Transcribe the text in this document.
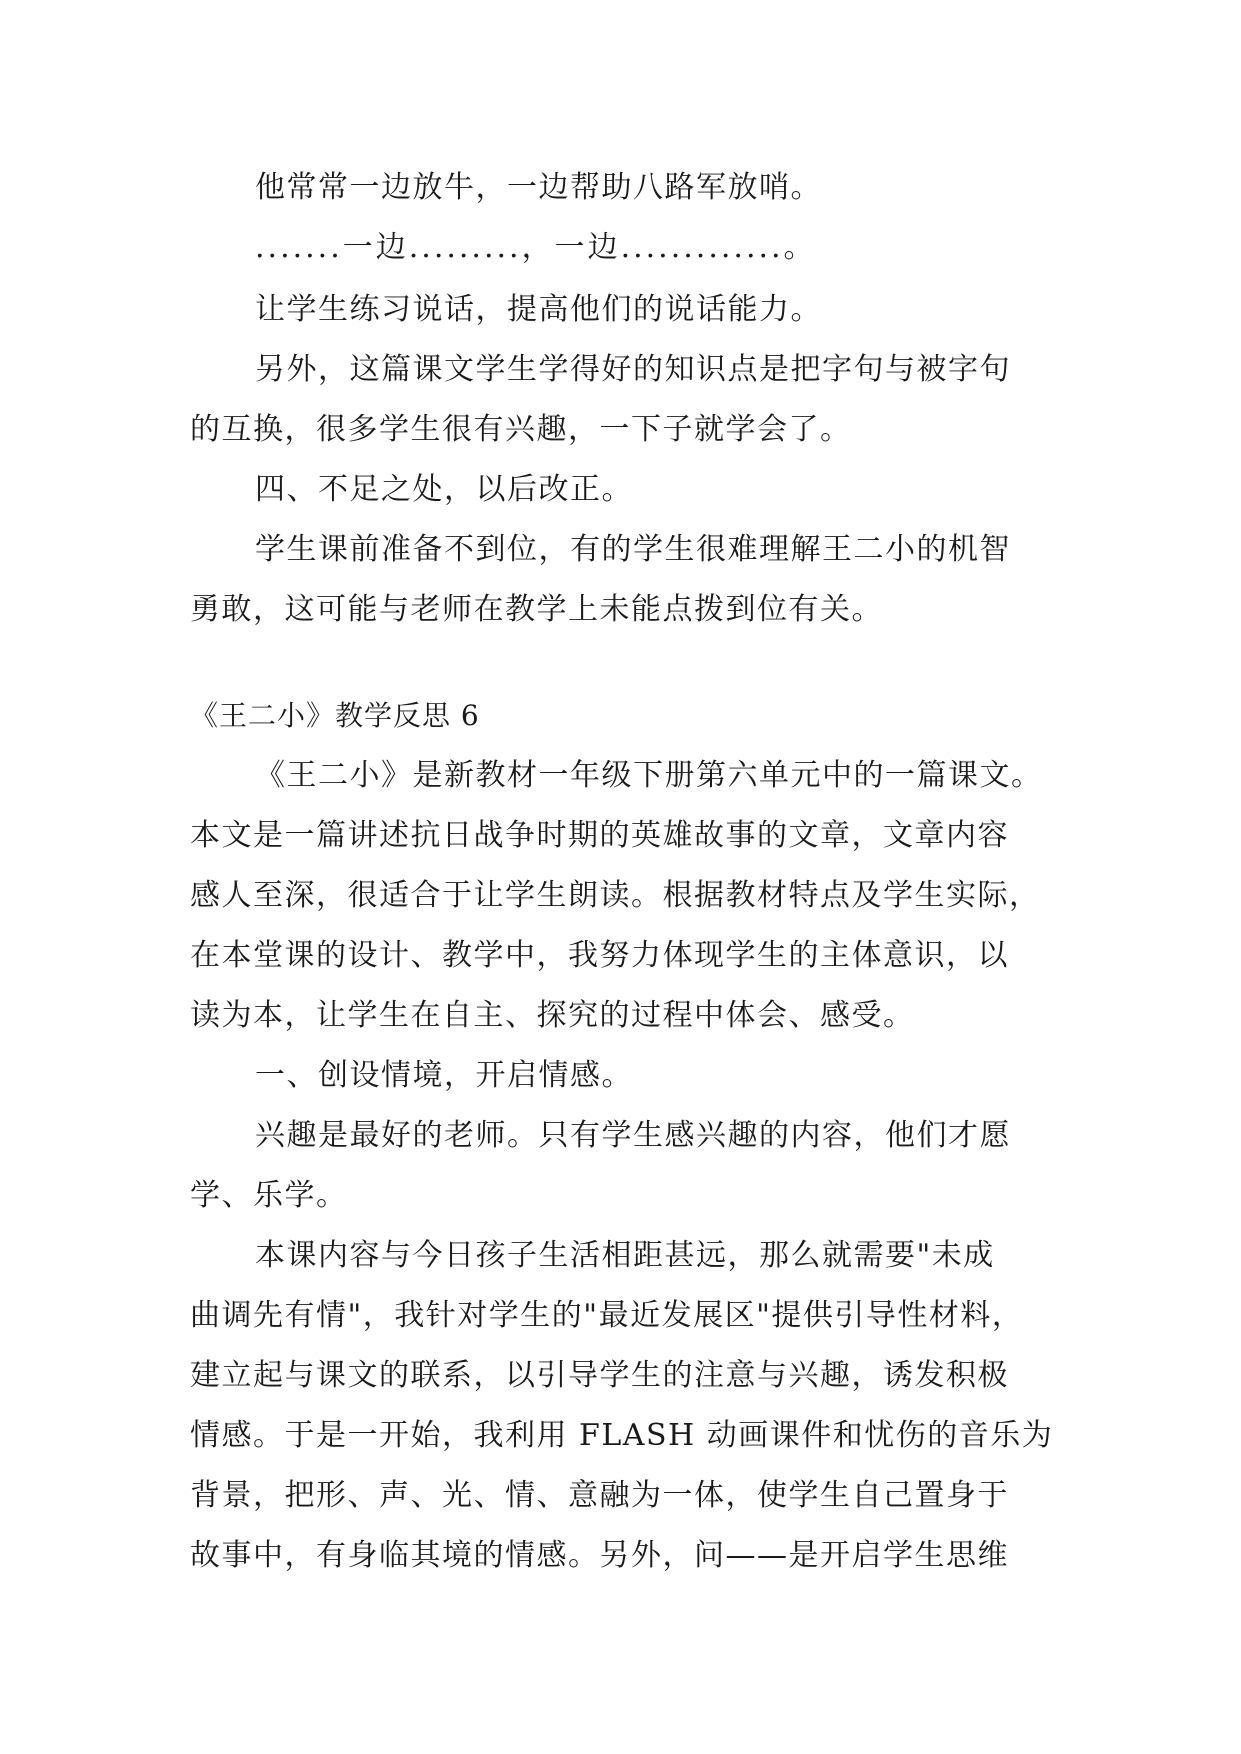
他常常一边放牛，一边帮助八路军放哨。
.......一边.........，一边.............。
让学生练习说话，提高他们的说话能力。
另外，这篇课文学生学得好的知识点是把字句与被字句
的互换，很多学生很有兴趣，一下子就学会了。
四、不足之处，以后改正。
学生课前准备不到位，有的学生很难理解王二小的机智
勇敢，这可能与老师在教学上未能点拨到位有关。
《王二小》教学反思 6
《王二小》是新教材一年级下册第六单元中的一篇课文。
本文是一篇讲述抗日战争时期的英雄故事的文章，文章内容
感人至深，很适合于让学生朗读。根据教材特点及学生实际，
在本堂课的设计、教学中，我努力体现学生的主体意识，以
读为本，让学生在自主、探究的过程中体会、感受。
一、创设情境，开启情感。
兴趣是最好的老师。只有学生感兴趣的内容，他们才愿
学、乐学。
本课内容与今日孩子生活相距甚远，那么就需要"未成
曲调先有情"，我针对学生的"最近发展区"提供引导性材料，
建立起与课文的联系，以引导学生的注意与兴趣，诱发积极
情感。于是一开始，我利用 FLASH 动画课件和忧伤的音乐为
背景，把形、声、光、情、意融为一体，使学生自己置身于
故事中，有身临其境的情感。另外，问——是开启学生思维
